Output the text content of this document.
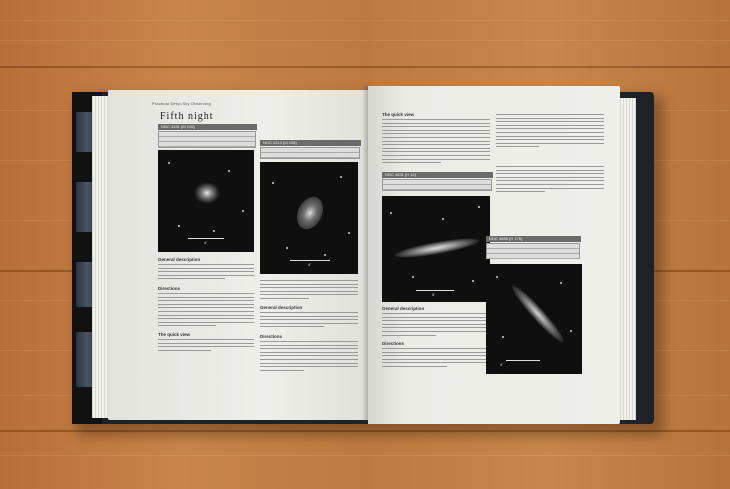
Practical Deep-Sky Observing
Fifth night
NGC 4151 (M 106)
4′
NGC 4214 (M 108)
4′
General description
Directions
The quick view
General description
Directions
The quick view
NGC 4631 (H 42)
5′
General description
Directions
NGC 4656 (H 176)
4′
